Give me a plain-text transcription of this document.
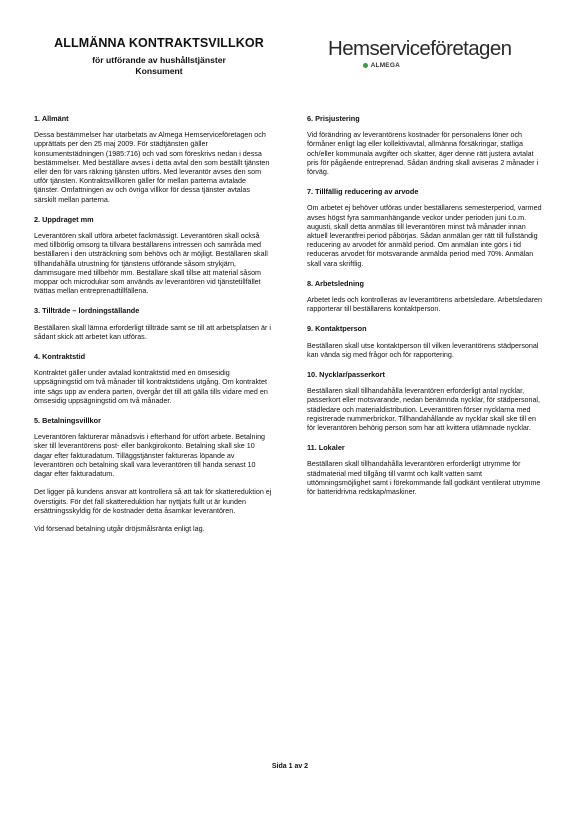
ALLMÄNNA KONTRAKTSVILLKOR
för utförande av hushållstjänster
Konsument
Hemserviceföretagen
ALMEGA
1. Allmänt

Dessa bestämmelser har utarbetats av Almega Hemserviceföretagen och upprättats per den 25 maj 2009. För städtjänsten gäller konsumentstädningen (1985:716) och vad som föreskrivs nedan i dessa bestämmelser. Med beställare avses i detta avtal den som beställt tjänsten eller den för vars räkning tjänsten utförs. Med leverantör avses den som utför tjänsten. Kontraktsvillkoren gäller för mellan parterna avtalade tjänster. Omfattningen av och övriga villkor för dessa tjänster avtalas särskilt mellan parterna.

2. Uppdraget mm

Leverantören skall utföra arbetet fackmässigt. Leverantören skall också med tillbörlig omsorg ta tillvara beställarens intressen och samråda med beställaren i den utsträckning som behövs och är möjligt. Beställaren skall tillhandahålla utrustning för tjänstens utförande såsom strykjärn, dammsugare med tillbehör mm. Beställare skall tillse att material såsom moppar och microdukar som används av leverantören vid tjänstetillfället tvättas mellan entreprenadtillfällena.

3. Tillträde – lordningställande

Beställaren skall lämna erforderligt tillträde samt se till att arbetsplatsen är i sådant skick att arbetet kan utföras.

4. Kontraktstid

Kontraktet gäller under avtalad kontraktstid med en ömsesidig uppsägningstid om två månader till kontraktstidens utgång. Om kontraktet inte sägs upp av endera parten, övergår det till att gälla tills vidare med en ömsesidig uppsägningstid om två månader.

5. Betalningsvillkor

Leverantören fakturerar månadsvis i efterhand för utfört arbete. Betalning sker till leverantörens post- eller bankgirokonto. Betalning skall ske 10 dagar efter fakturadatum. Tilläggstjänster faktureras löpande av leverantören och betalning skall vara leverantören till handa senast 10 dagar efter fakturadatum.

Det ligger på kundens ansvar att kontrollera så att tak för skattereduktion ej överstigits. För det fall skattereduktion har nyttjats fullt ut är kunden ersättningsskyldig för de kostnader detta åsamkar leverantören.

Vid försenad betalning utgår dröjsmålsränta enligt lag.

6. Prisjustering

Vid förändring av leverantörens kostnader för personalens löner och förmåner enligt lag eller kollektivavtal, allmänna försäkringar, statliga och/eller kommunala avgifter och skatter, äger denne rätt justera avtalat pris för pågående entreprenad. Sådan ändring skall aviseras 2 månader i förväg.

7. Tillfällig reducering av arvode

Om arbetet ej behöver utföras under beställarens semesterperiod, varmed avses högst fyra sammanhängande veckor under perioden juni t.o.m. augusti, skall detta anmälas till leverantören minst två månader innan aktuell leverantfrei period påbörjas. Sådan anmälan ger rätt till fullständig reducering av arvodet för anmäld period. Om anmälan inte görs i tid reduceras arvodet för motsvarande anmälda period med 70%. Anmälan skall vara skriftlig.

8. Arbetsledning

Arbetet leds och kontrolleras av leverantörens arbetsledare. Arbetsledaren rapporterar till beställarens kontaktperson.

9. Kontaktperson

Beställaren skall utse kontaktperson till vilken leverantörens städpersonal kan vända sig med frågor och för rapportering.

10. Nycklar/passerkort

Beställaren skall tillhandahålla leverantören erforderligt antal nycklar, passerkort eller motsvarande, nedan benämnda nycklar, för städpersonal, städledare och materialdistribution. Leverantören förser nycklarna med registrerade nummerbrickor. Tillhandahållande av nycklar skall ske till en för leverantören behörig person som har att kvittera utlämnade nycklar.

11. Lokaler

Beställaren skall tillhandahålla leverantören erforderligt utrymme för städmaterial med tillgång till varmt och kallt vatten samt uttömningsmöjlighet samt i förekommande fall godkänt ventilerat utrymme för batteridrivna redskap/maskiner.

Sida 1 av 2
